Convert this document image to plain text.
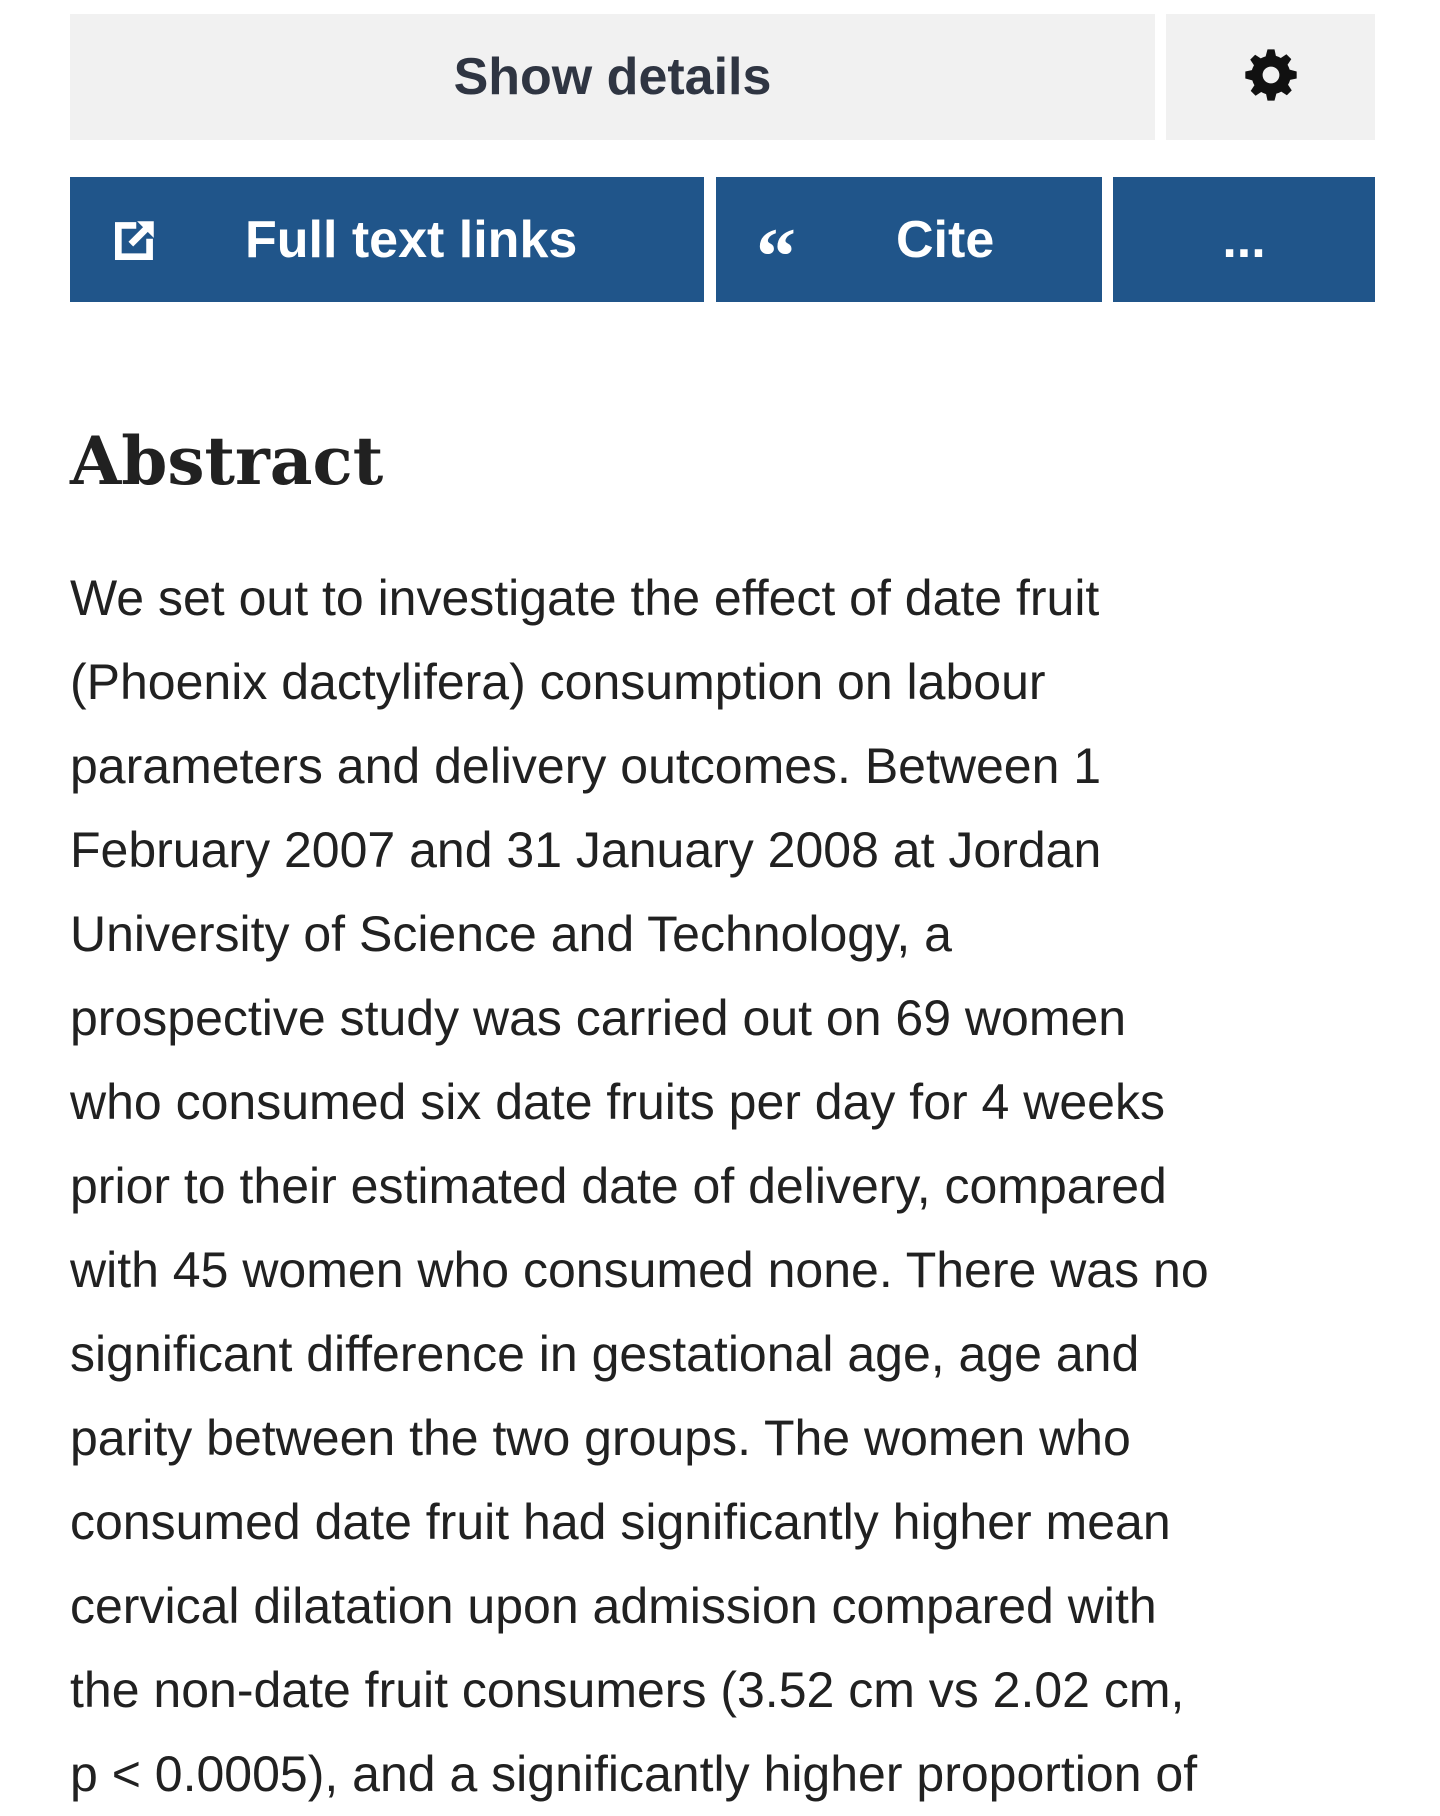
Show details
Full text links “ Cite	...
Abstract
We set out to investigate the effect of date fruit
(Phoenix dactylifera) consumption on labour
parameters and delivery outcomes. Between 1
February 2007 and 31 January 2008 at Jordan
University of Science and Technology, a
prospective study was carried out on 69 women
who consumed six date fruits per day for 4 weeks
prior to their estimated date of delivery, compared
with 45 women who consumed none. There was no
significant difference in gestational age, age and
parity between the two groups. The women who
consumed date fruit had significantly higher mean
cervical dilatation upon admission compared with
the non-date fruit consumers (3.52 cm vs 2.02 cm,
p < 0.0005), and a significantly higher proportion of
